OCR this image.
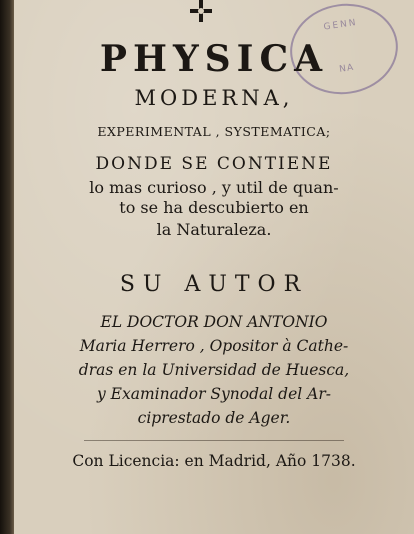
GENN
NA
PHYSICA
MODERNA,
EXPERIMENTAL , SYSTEMATICA;
DONDE SE CONTIENE
lo mas curioso , y util de quan-
to se ha descubierto en
la Naturaleza.
SU AUTOR
EL DOCTOR DON ANTONIO
Maria Herrero , Opositor à Cathe-
dras en la Universidad de Huesca,
y Examinador Synodal del Ar-
ciprestado de Ager.
Con Licencia: en Madrid, Año 1738.
